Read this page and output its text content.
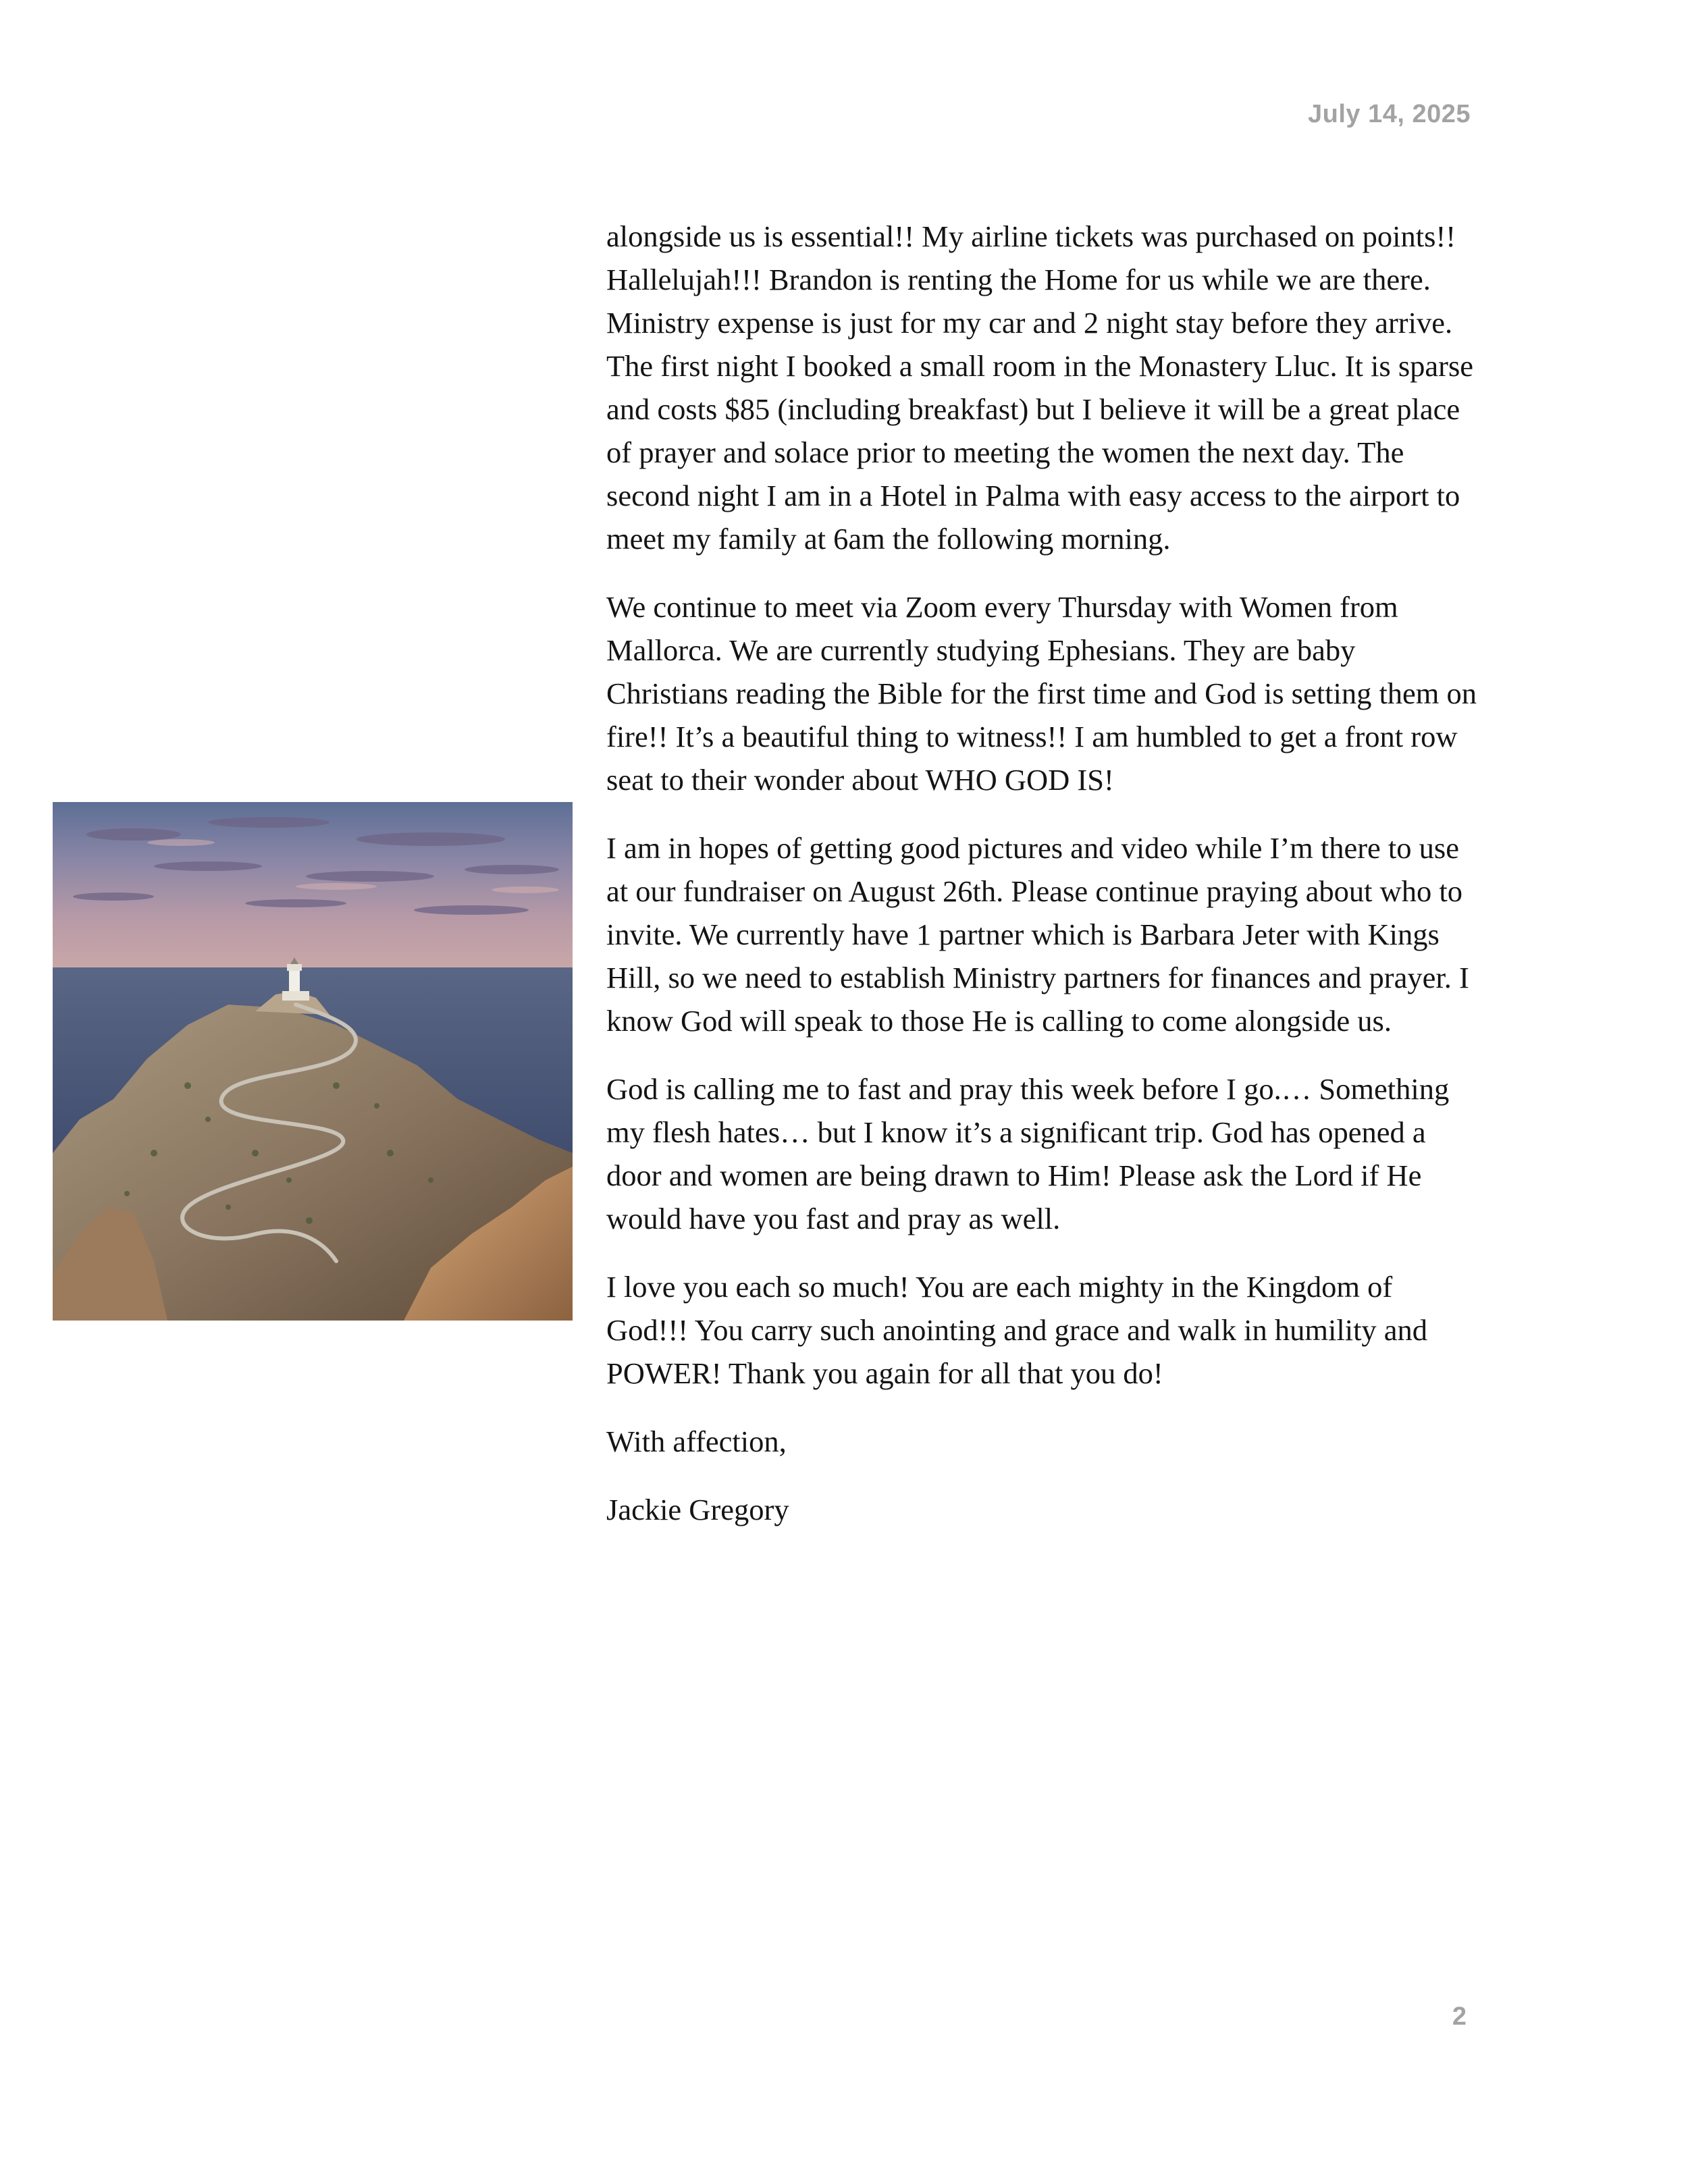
July 14, 2025

alongside us is essential!! My airline tickets was purchased on points!! Hallelujah!!! Brandon is renting the Home for us while we are there. Ministry expense is just for my car and 2 night stay before they arrive. The first night I booked a small room in the Monastery Lluc. It is sparse and costs $85 (including breakfast) but I believe it will be a great place of prayer and solace prior to meeting the women the next day. The second night I am in a Hotel in Palma with easy access to the airport to meet my family at 6am the following morning.

We continue to meet via Zoom every Thursday with Women from Mallorca. We are currently studying Ephesians. They are baby Christians reading the Bible for the first time and God is setting them on fire!! It’s a beautiful thing to witness!! I am humbled to get a front row seat to their wonder about WHO GOD IS!

I am in hopes of getting good pictures and video while I’m there to use at our fundraiser on August 26th. Please continue praying about who to invite. We currently have 1 partner which is Barbara Jeter with Kings Hill, so we need to establish Ministry partners for finances and prayer. I know God will speak to those He is calling to come alongside us.

God is calling me to fast and pray this week before I go.… Something my flesh hates… but I know it’s a significant trip. God has opened a door and women are being drawn to Him! Please ask the Lord if He would have you fast and pray as well.

I love you each so much! You are each mighty in the Kingdom of God!!! You carry such anointing and grace and walk in humility and POWER! Thank you again for all that you do!

With affection,

Jackie Gregory

2
